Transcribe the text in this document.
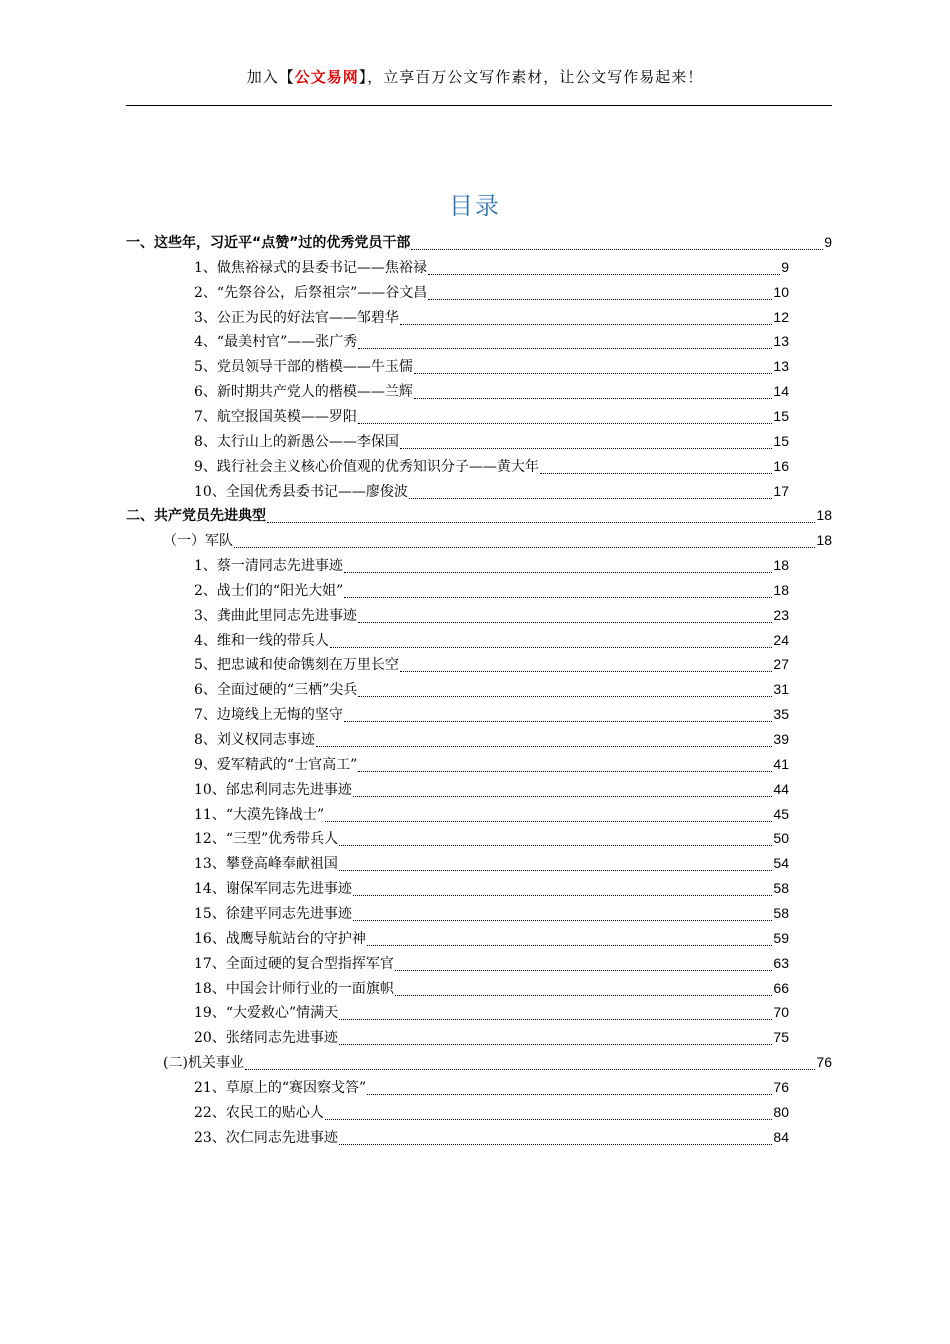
加入【公文易网】，立享百万公文写作素材，让公文写作易起来！
目录
一、这些年，习近平“点赞”过的优秀党员干部	9
1、做焦裕禄式的县委书记——焦裕禄	9
2、“先祭谷公，后祭祖宗”——谷文昌	10
3、公正为民的好法官——邹碧华	12
4、“最美村官”——张广秀	13
5、党员领导干部的楷模——牛玉儒	13
6、新时期共产党人的楷模——兰辉	14
7、航空报国英模——罗阳	15
8、太行山上的新愚公——李保国	15
9、践行社会主义核心价值观的优秀知识分子——黄大年	16
10、全国优秀县委书记——廖俊波	17
二、共产党员先进典型	18
（一）军队	18
1、蔡一清同志先进事迹	18
2、战士们的“阳光大姐”	18
3、龚曲此里同志先进事迹	23
4、维和一线的带兵人	24
5、把忠诚和使命镌刻在万里长空	27
6、全面过硬的“三栖”尖兵	31
7、边境线上无悔的坚守	35
8、刘义权同志事迹	39
9、爱军精武的“士官高工”	41
10、邰忠利同志先进事迹	44
11、“大漠先锋战士”	45
12、“三型”优秀带兵人	50
13、攀登高峰奉献祖国	54
14、谢保军同志先进事迹	58
15、徐建平同志先进事迹	58
16、战鹰导航站台的守护神	59
17、全面过硬的复合型指挥军官	63
18、中国会计师行业的一面旗帜	66
19、“大爱救心”情满天	70
20、张绪同志先进事迹	75
(二)机关事业	76
21、草原上的“赛因察戈答”	76
22、农民工的贴心人	80
23、次仁同志先进事迹	84
